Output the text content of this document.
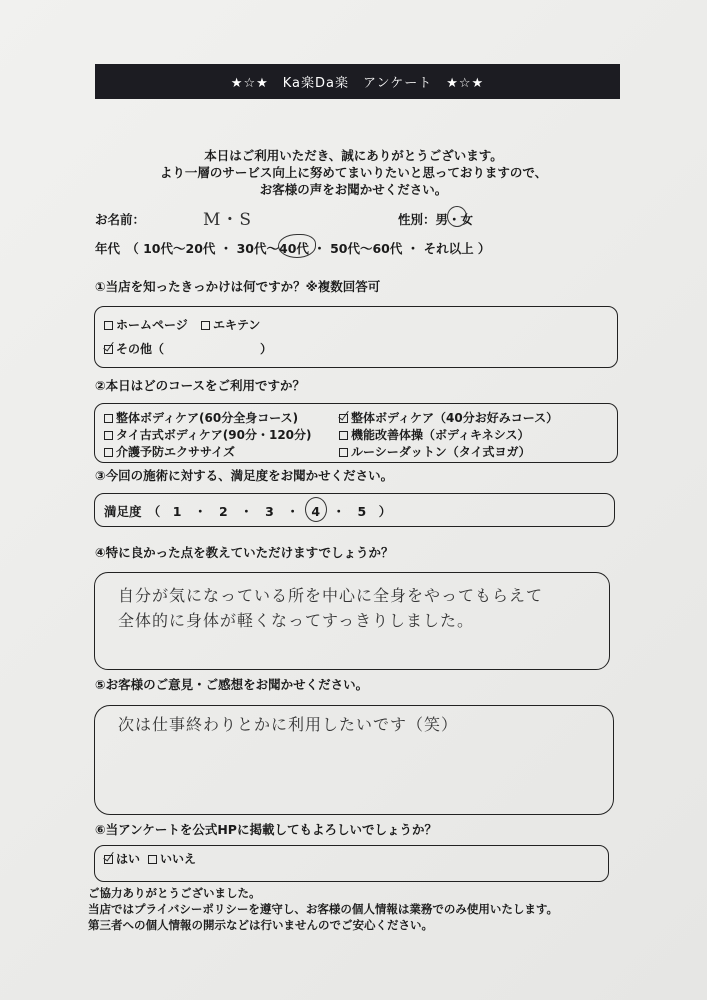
★☆★　Ka楽Da楽　アンケート　★☆★
本日はご利用いただき、誠にありがとうございます。
より一層のサービス向上に努めてまいりたいと思っておりますので、
お客様の声をお聞かせください。
お名前：	M・S	性別：男・女
年代　（ 10代～20代 ・ 30代～40代 ・ 50代～60代 ・ それ以上 ）
①当店を知ったきっかけは何ですか？※複数回答可
ホームページ	エキテン
その他（　　　　　　　　）
②本日はどのコースをご利用ですか？
整体ボディケア(60分全身コース)	整体ボディケア（40分お好みコース）
タイ古式ボディケア(90分・120分)	機能改善体操（ボディキネシス）
介護予防エクササイズ	ルーシーダットン（タイ式ヨガ）
③今回の施術に対する、満足度をお聞かせください。
満足度　（　1　・　2　・　3　・　4　・　5　）
④特に良かった点を教えていただけますでしょうか？
自分が気になっている所を中心に全身をやってもらえて
全体的に身体が軽くなってすっきりしました。
⑤お客様のご意見・ご感想をお聞かせください。
次は仕事終わりとかに利用したいです（笑）
⑥当アンケートを公式HPに掲載してもよろしいでしょうか？
はい	いいえ
ご協力ありがとうございました。
当店ではプライバシーポリシーを遵守し、お客様の個人情報は業務でのみ使用いたします。
第三者への個人情報の開示などは行いませんのでご安心ください。
